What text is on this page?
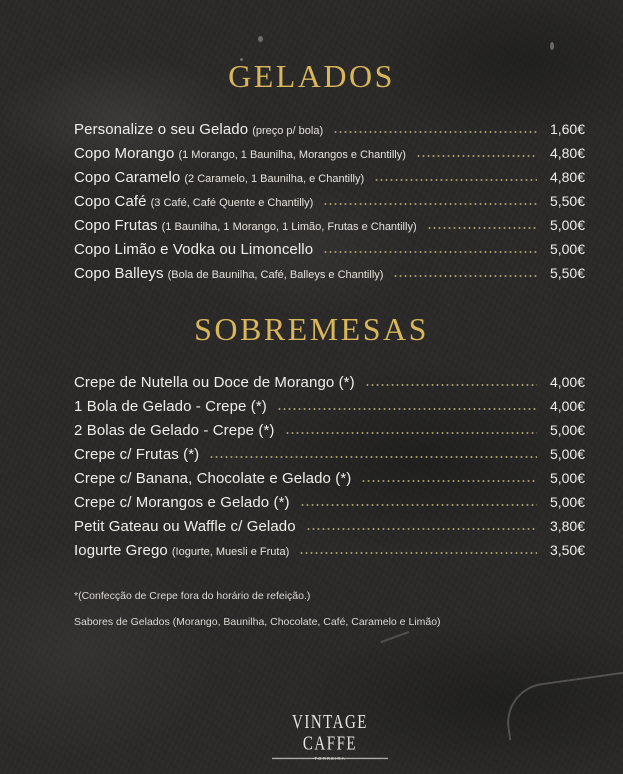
GELADOS
Personalize o seu Gelado (preço p/ bola)	1,60€
Copo Morango (1 Morango, 1 Baunilha, Morangos e Chantilly)	4,80€
Copo Caramelo (2 Caramelo, 1 Baunilha, e Chantilly)	4,80€
Copo Café (3 Café, Café Quente e Chantilly)	5,50€
Copo Frutas (1 Baunilha, 1 Morango, 1 Limão, Frutas e Chantilly)	5,00€
Copo Limão e Vodka ou Limoncello	5,00€
Copo Balleys (Bola de Baunilha, Café, Balleys e Chantilly)	5,50€
SOBREMESAS
Crepe de Nutella ou Doce de Morango (*)	4,00€
1 Bola de Gelado - Crepe (*)	4,00€
2 Bolas de Gelado - Crepe (*)	5,00€
Crepe c/ Frutas (*)	5,00€
Crepe c/ Banana, Chocolate e Gelado (*)	5,00€
Crepe c/ Morangos e Gelado (*)	5,00€
Petit Gateau ou Waffle c/ Gelado	3,80€
Iogurte Grego (Iogurte, Muesli e Fruta)	3,50€

*(Confecção de Crepe fora do horário de refeição.)

Sabores de Gelados (Morango, Baunilha, Chocolate, Café, Caramelo e Limão)

VINTAGE CAFFE
TORREIRA
